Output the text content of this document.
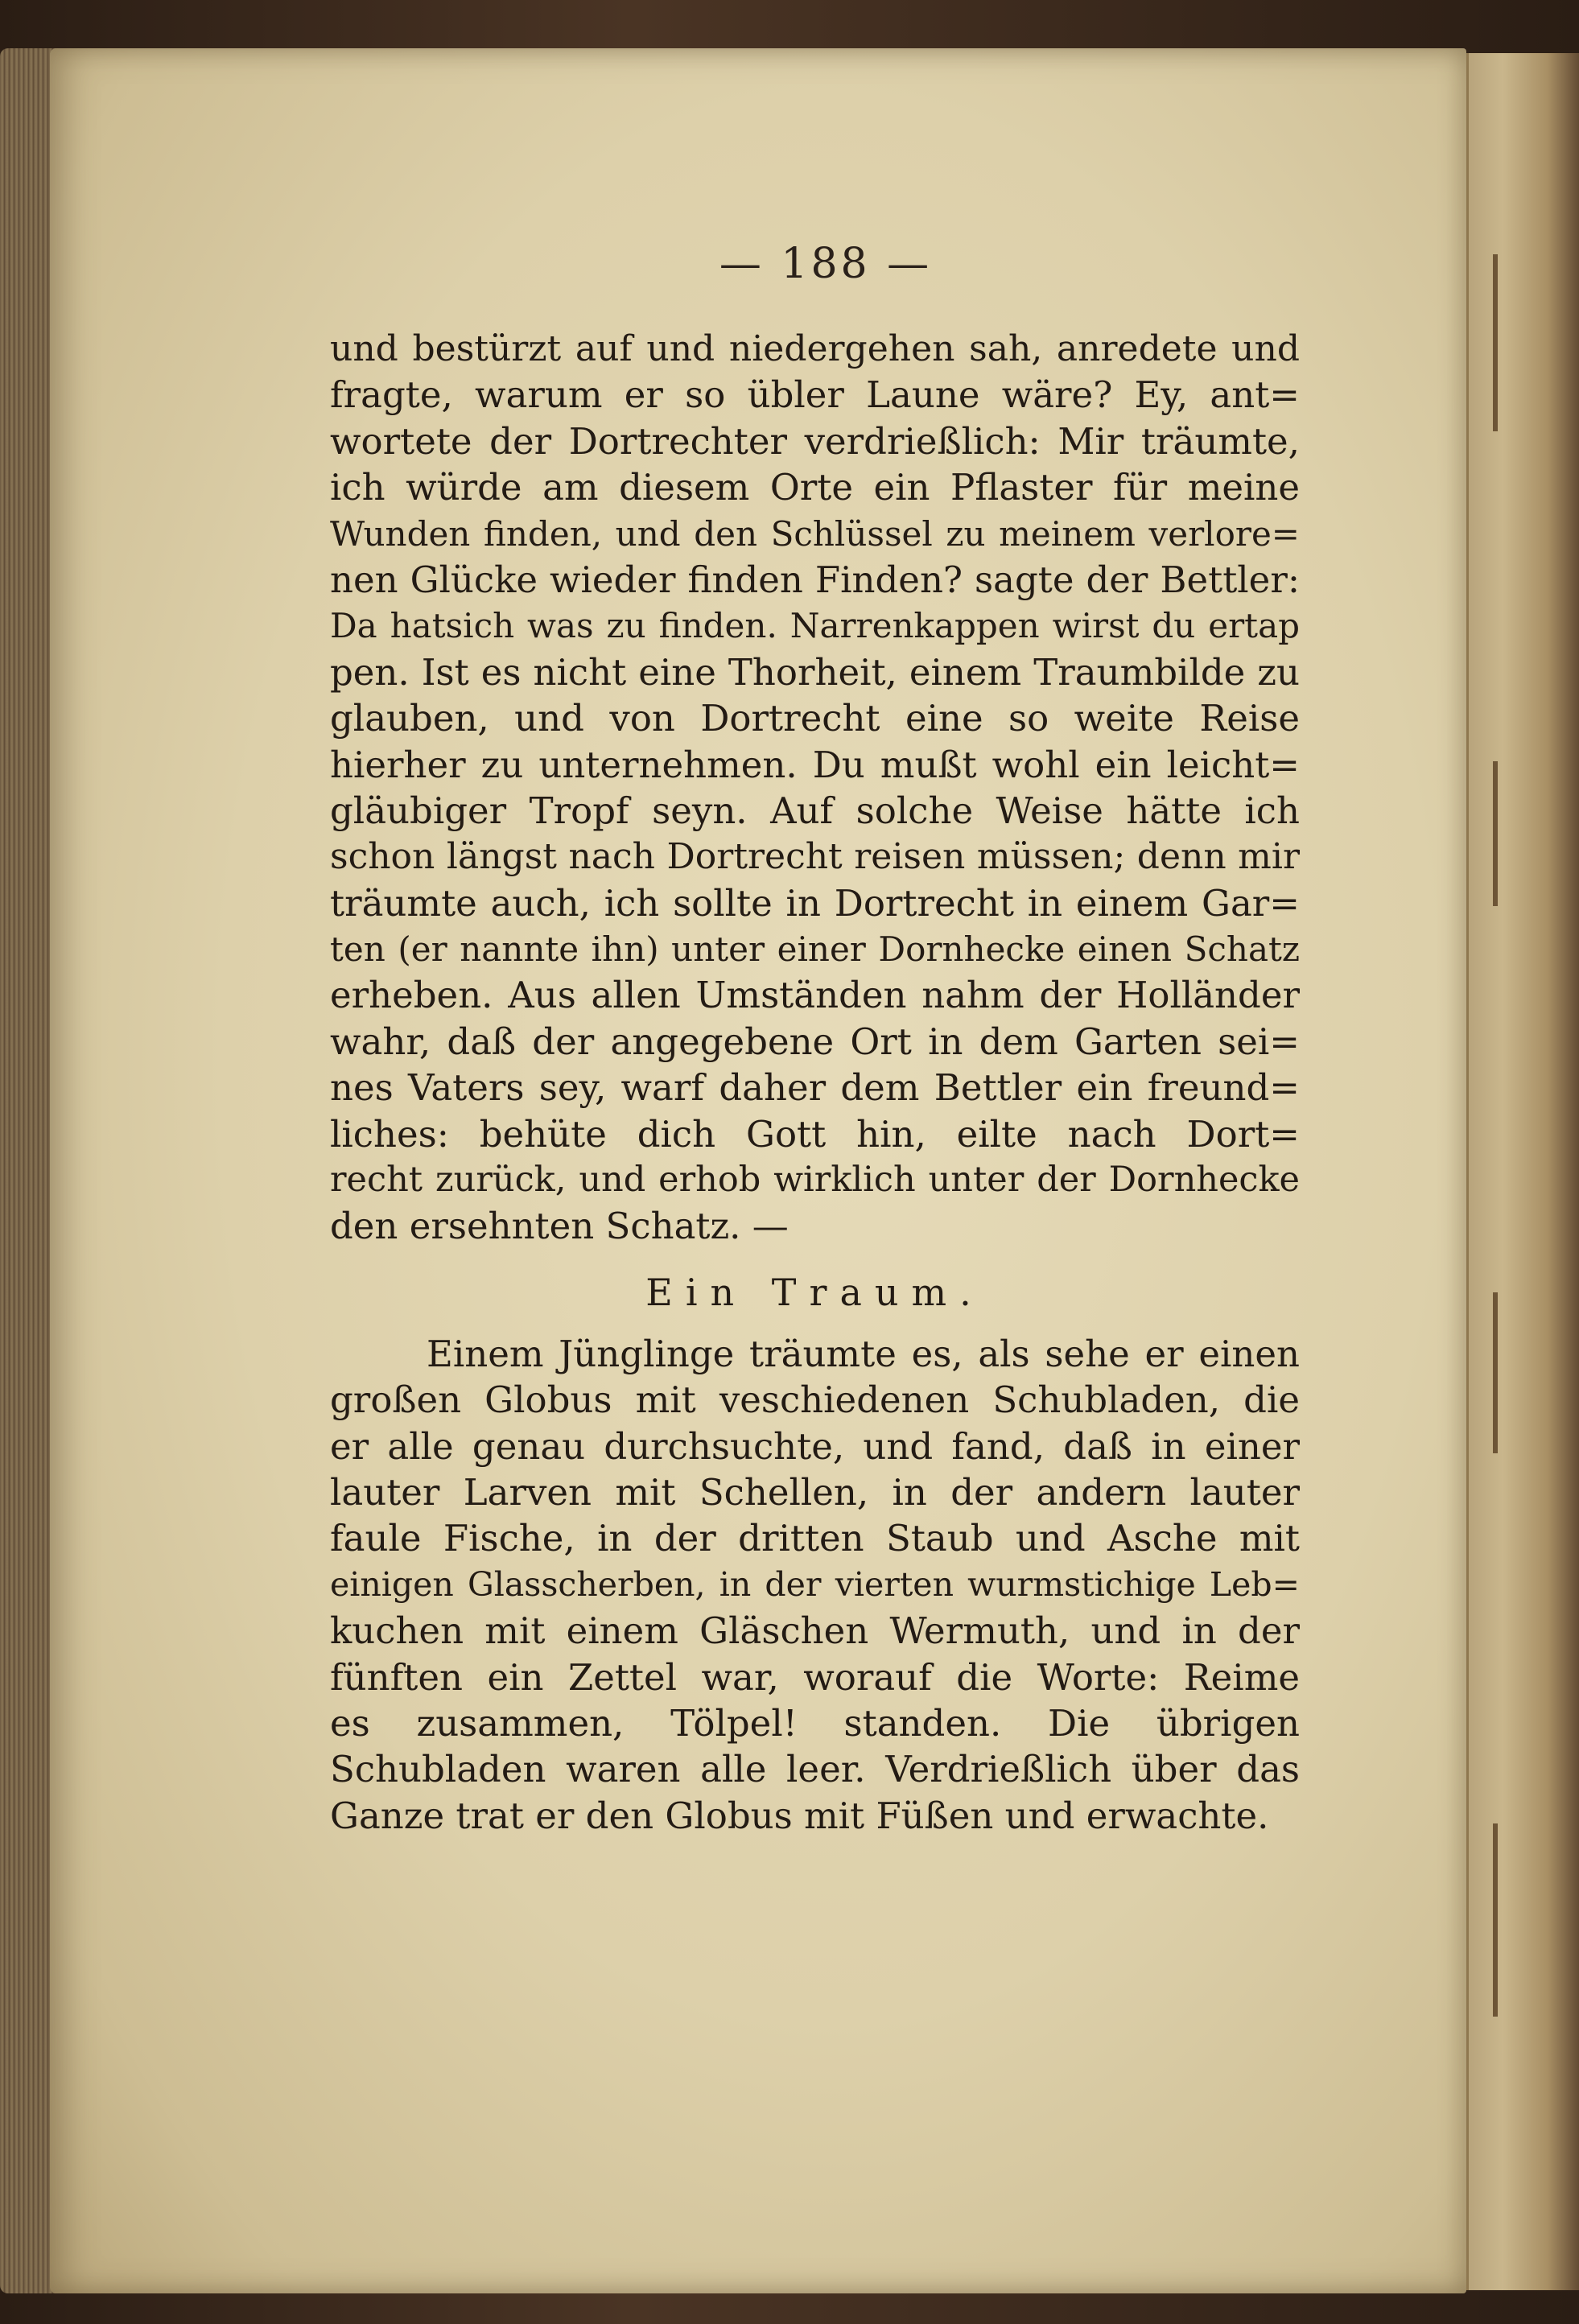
— 188 —
und bestürzt auf und niedergehen sah, anredete und
fragte, warum er so übler Laune wäre? Ey, ant=
wortete der Dortrechter verdrießlich: Mir träumte,
ich würde am diesem Orte ein Pflaster für meine
Wunden finden, und den Schlüssel zu meinem verlore=
nen Glücke wieder finden Finden? sagte der Bettler:
Da hatsich was zu finden. Narrenkappen wirst du ertap
pen. Ist es nicht eine Thorheit, einem Traumbilde zu
glauben, und von Dortrecht eine so weite Reise
hierher zu unternehmen. Du mußt wohl ein leicht=
gläubiger Tropf seyn. Auf solche Weise hätte ich
schon längst nach Dortrecht reisen müssen; denn mir
träumte auch, ich sollte in Dortrecht in einem Gar=
ten (er nannte ihn) unter einer Dornhecke einen Schatz
erheben. Aus allen Umständen nahm der Holländer
wahr, daß der angegebene Ort in dem Garten sei=
nes Vaters sey, warf daher dem Bettler ein freund=
liches: behüte dich Gott hin, eilte nach Dort=
recht zurück, und erhob wirklich unter der Dornhecke
den ersehnten Schatz. —
Ein Traum.
Einem Jünglinge träumte es, als sehe er einen
großen Globus mit veschiedenen Schubladen, die
er alle genau durchsuchte, und fand, daß in einer
lauter Larven mit Schellen, in der andern lauter
faule Fische, in der dritten Staub und Asche mit
einigen Glasscherben, in der vierten wurmstichige Leb=
kuchen mit einem Gläschen Wermuth, und in der
fünften ein Zettel war, worauf die Worte: Reime
es zusammen, Tölpel! standen. Die übrigen
Schubladen waren alle leer. Verdrießlich über das
Ganze trat er den Globus mit Füßen und erwachte.
